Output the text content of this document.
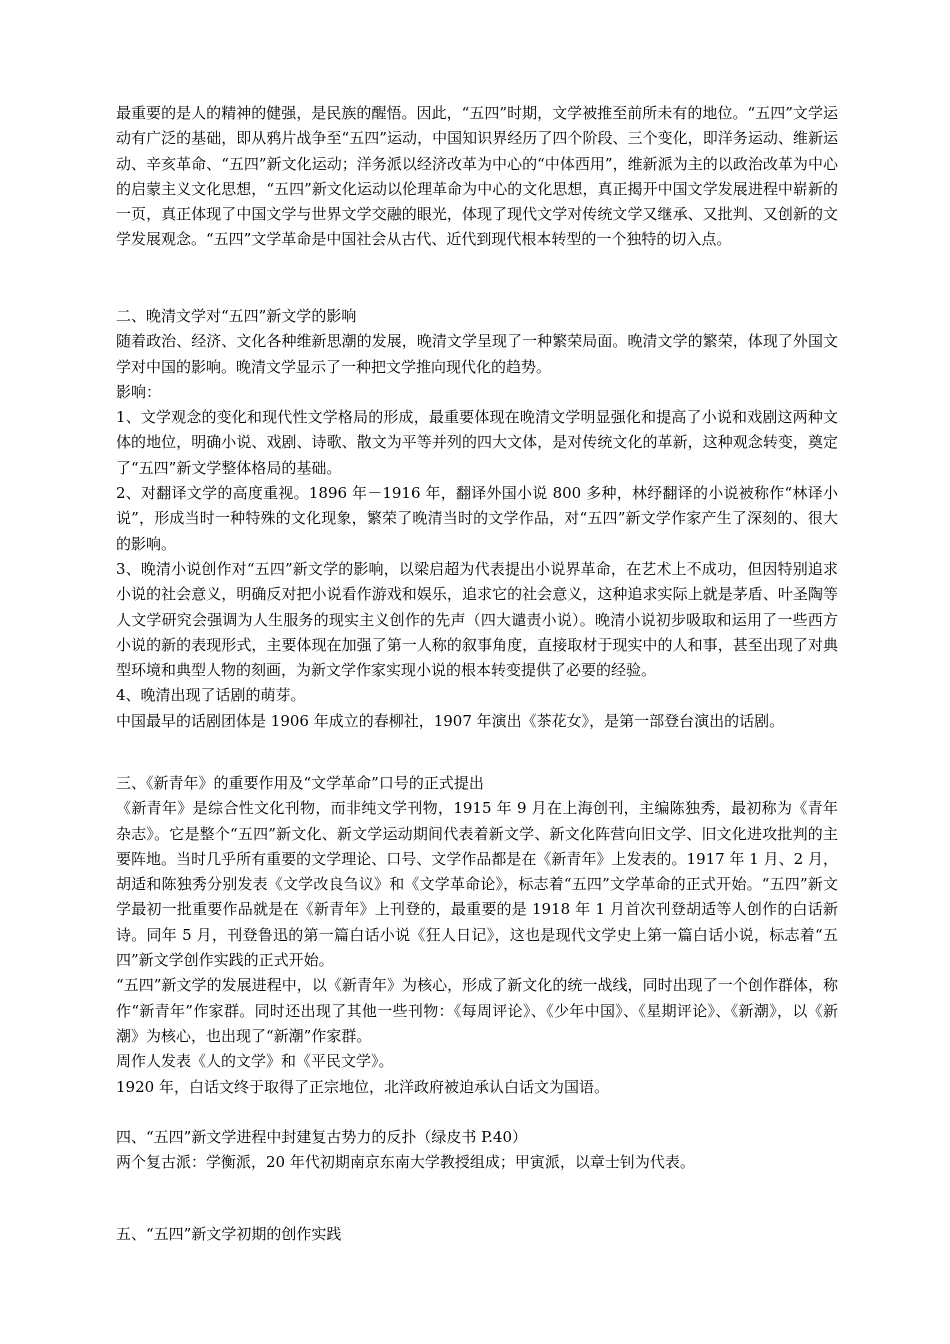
最重要的是人的精神的健强，是民族的醒悟。因此，“五四”时期，文学被推至前所未有的地位。“五四”文学运动有广泛的基础，即从鸦片战争至“五四”运动，中国知识界经历了四个阶段、三个变化，即洋务运动、维新运动、辛亥革命、“五四”新文化运动；洋务派以经济改革为中心的“中体西用”，维新派为主的以政治改革为中心的启蒙主义文化思想，“五四”新文化运动以伦理革命为中心的文化思想，真正揭开中国文学发展进程中崭新的一页，真正体现了中国文学与世界文学交融的眼光，体现了现代文学对传统文学又继承、又批判、又创新的文学发展观念。“五四”文学革命是中国社会从古代、近代到现代根本转型的一个独特的切入点。

二、晚清文学对“五四”新文学的影响

随着政治、经济、文化各种维新思潮的发展，晚清文学呈现了一种繁荣局面。晚清文学的繁荣，体现了外国文学对中国的影响。晚清文学显示了一种把文学推向现代化的趋势。

影响：

1、文学观念的变化和现代性文学格局的形成，最重要体现在晚清文学明显强化和提高了小说和戏剧这两种文体的地位，明确小说、戏剧、诗歌、散文为平等并列的四大文体，是对传统文化的革新，这种观念转变，奠定了“五四”新文学整体格局的基础。

2、对翻译文学的高度重视。1896 年－1916 年，翻译外国小说 800 多种，林纾翻译的小说被称作“林译小说”，形成当时一种特殊的文化现象，繁荣了晚清当时的文学作品，对“五四”新文学作家产生了深刻的、很大的影响。

3、晚清小说创作对“五四”新文学的影响，以梁启超为代表提出小说界革命，在艺术上不成功，但因特别追求小说的社会意义，明确反对把小说看作游戏和娱乐，追求它的社会意义，这种追求实际上就是茅盾、叶圣陶等人文学研究会强调为人生服务的现实主义创作的先声（四大谴责小说）。晚清小说初步吸取和运用了一些西方小说的新的表现形式，主要体现在加强了第一人称的叙事角度，直接取材于现实中的人和事，甚至出现了对典型环境和典型人物的刻画，为新文学作家实现小说的根本转变提供了必要的经验。

4、晚清出现了话剧的萌芽。

中国最早的话剧团体是 1906 年成立的春柳社，1907 年演出《茶花女》，是第一部登台演出的话剧。

三、《新青年》的重要作用及“文学革命”口号的正式提出

《新青年》是综合性文化刊物，而非纯文学刊物，1915 年 9 月在上海创刊，主编陈独秀，最初称为《青年杂志》。它是整个“五四”新文化、新文学运动期间代表着新文学、新文化阵营向旧文学、旧文化进攻批判的主要阵地。当时几乎所有重要的文学理论、口号、文学作品都是在《新青年》上发表的。1917 年 1 月、2 月，胡适和陈独秀分别发表《文学改良刍议》和《文学革命论》，标志着“五四”文学革命的正式开始。“五四”新文学最初一批重要作品就是在《新青年》上刊登的，最重要的是 1918 年 1 月首次刊登胡适等人创作的白话新诗。同年 5 月，刊登鲁迅的第一篇白话小说《狂人日记》，这也是现代文学史上第一篇白话小说，标志着“五四”新文学创作实践的正式开始。

“五四”新文学的发展进程中，以《新青年》为核心，形成了新文化的统一战线，同时出现了一个创作群体，称作“新青年”作家群。同时还出现了其他一些刊物：《每周评论》、《少年中国》、《星期评论》、《新潮》，以《新潮》为核心，也出现了“新潮”作家群。

周作人发表《人的文学》和《平民文学》。

1920 年，白话文终于取得了正宗地位，北洋政府被迫承认白话文为国语。

四、“五四”新文学进程中封建复古势力的反扑（绿皮书 P.40）

两个复古派：学衡派，20 年代初期南京东南大学教授组成；甲寅派，以章士钊为代表。

五、“五四”新文学初期的创作实践
